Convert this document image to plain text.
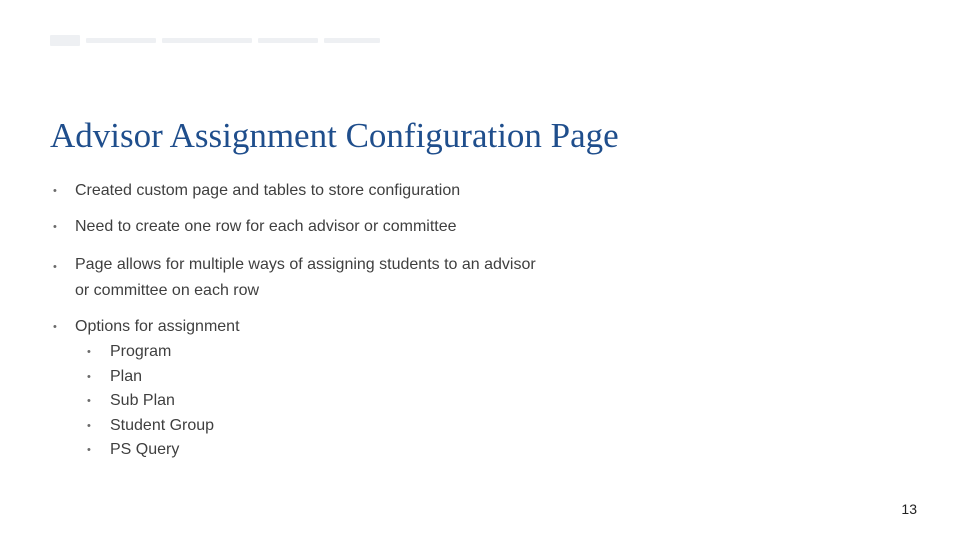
Advisor Assignment Configuration Page
• Created custom page and tables to store configuration
• Need to create one row for each advisor or committee
• Page allows for multiple ways of assigning students to an advisor or committee on each row
• Options for assignment
• Program
• Plan
• Sub Plan
• Student Group
• PS Query
13
